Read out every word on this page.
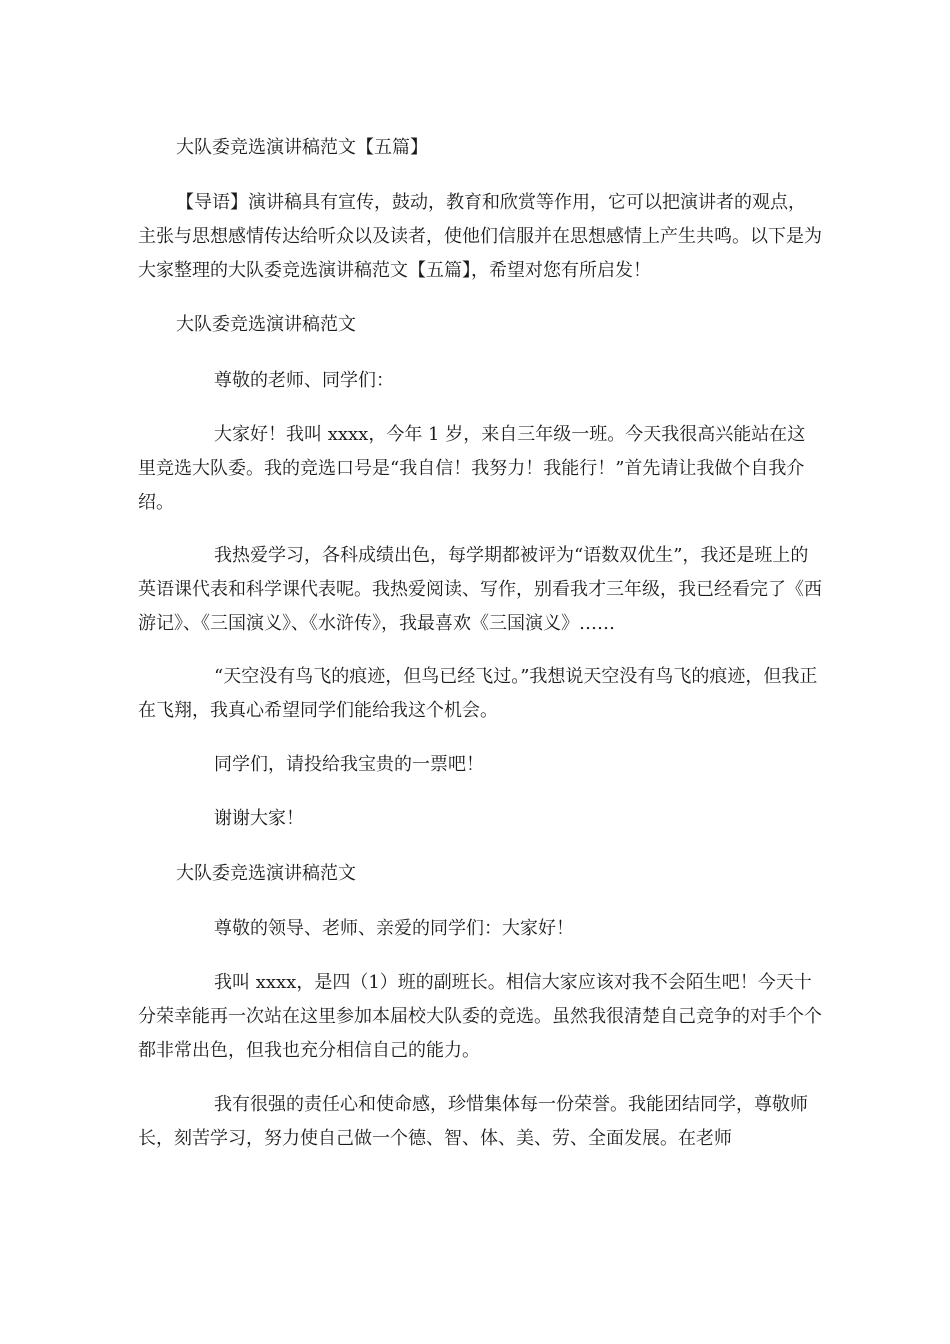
大队委竞选演讲稿范文【五篇】

【导语】演讲稿具有宣传，鼓动，教育和欣赏等作用，它可以把演讲者的观点，主张与思想感情传达给听众以及读者，使他们信服并在思想感情上产生共鸣。以下是为大家整理的大队委竞选演讲稿范文【五篇】，希望对您有所启发！

大队委竞选演讲稿范文

尊敬的老师、同学们：

大家好！我叫 xxxx，今年 1 岁，来自三年级一班。今天我很高兴能站在这里竞选大队委。我的竞选口号是“我自信！我努力！我能行！”首先请让我做个自我介绍。

我热爱学习，各科成绩出色，每学期都被评为“语数双优生”，我还是班上的英语课代表和科学课代表呢。我热爱阅读、写作，别看我才三年级，我已经看完了《西游记》、《三国演义》、《水浒传》，我最喜欢《三国演义》……

“天空没有鸟飞的痕迹，但鸟已经飞过。”我想说天空没有鸟飞的痕迹，但我正在飞翔，我真心希望同学们能给我这个机会。

同学们，请投给我宝贵的一票吧！

谢谢大家！

大队委竞选演讲稿范文

尊敬的领导、老师、亲爱的同学们：大家好！

我叫 xxxx，是四（1）班的副班长。相信大家应该对我不会陌生吧！今天十分荣幸能再一次站在这里参加本届校大队委的竞选。虽然我很清楚自己竞争的对手个个都非常出色，但我也充分相信自己的能力。

我有很强的责任心和使命感，珍惜集体每一份荣誉。我能团结同学，尊敬师长，刻苦学习，努力使自己做一个德、智、体、美、劳、全面发展。在老师
